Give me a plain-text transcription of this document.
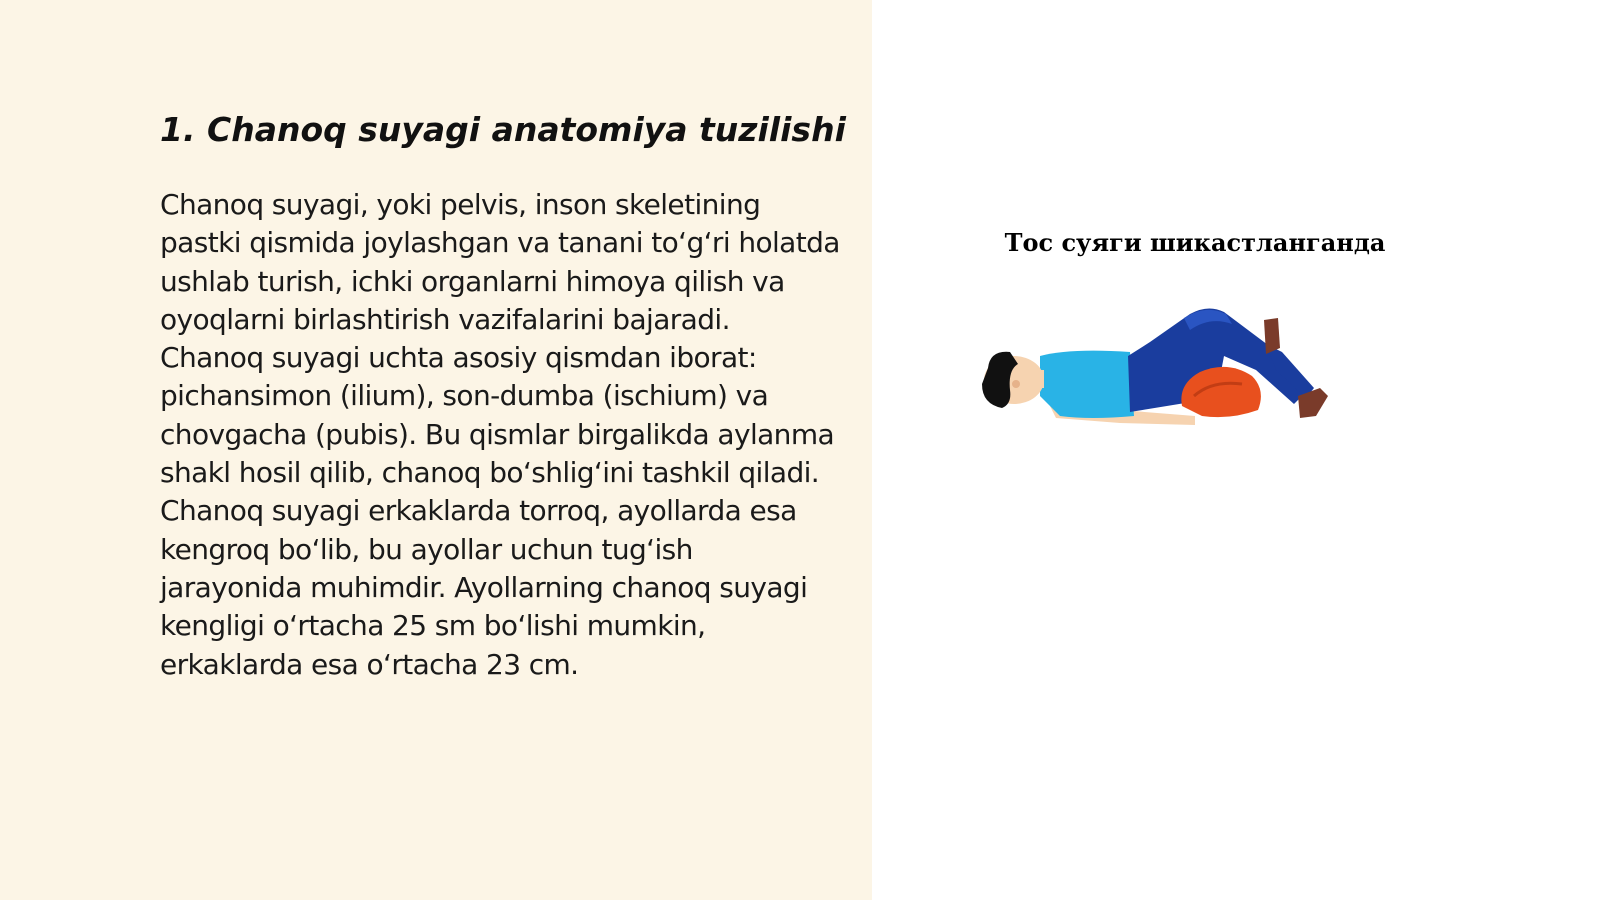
1. Chanoq suyagi anatomiya tuzilishi

Chanoq suyagi, yoki pelvis, inson skeletining pastki qismida joylashgan va tanani to‘g‘ri holatda ushlab turish, ichki organlarni himoya qilish va oyoqlarni birlashtirish vazifalarini bajaradi. Chanoq suyagi uchta asosiy qismdan iborat: pichansimon (ilium), son-dumba (ischium) va chovgacha (pubis). Bu qismlar birgalikda aylanma shakl hosil qilib, chanoq bo‘shlig‘ini tashkil qiladi. Chanoq suyagi erkaklarda torroq, ayollarda esa kengroq bo‘lib, bu ayollar uchun tug‘ish jarayonida muhimdir. Ayollarning chanoq suyagi kengligi o‘rtacha 25 sm bo‘lishi mumkin, erkaklarda esa o‘rtacha 23 cm.

Тос суяги шикастланганда
